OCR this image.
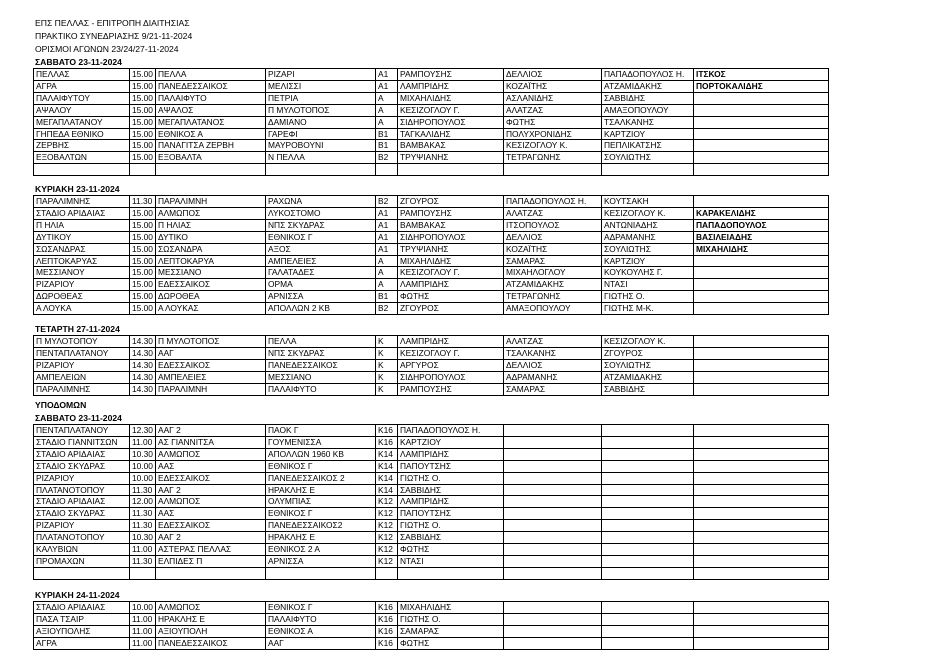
ΕΠΣ ΠΕΛΛΑΣ - ΕΠΙΤΡΟΠΗ ΔΙΑΙΤΗΣΙΑΣ
ΠΡΑΚΤΙΚΟ ΣΥΝΕΔΡΙΑΣΗΣ 9/21-11-2024
ΟΡΙΣΜΟΙ ΑΓΩΝΩΝ 23/24/27-11-2024
ΣΑΒΒΑΤΟ 23-11-2024
ΠΕΛΛΑΣ	15.00	ΠΕΛΛΑ	ΡΙΖΑΡΙ	Α1	ΡΑΜΠΟΥΣΗΣ	ΔΕΛΛΙΟΣ	ΠΑΠΑΔΟΠΟΥΛΟΣ Η.	ΙΤΣΚΟΣ
ΑΓΡΑ	15.00	ΠΑΝΕΔΕΣΣΑΙΚΟΣ	ΜΕΛΙΣΣΙ	Α1	ΛΑΜΠΡΙΔΗΣ	ΚΟΖΑΪΤΗΣ	ΑΤΖΑΜΙΔΑΚΗΣ	ΠΟΡΤΟΚΑΛΙΔΗΣ
ΠΑΛΑΙΦΥΤΟΥ	15.00	ΠΑΛΑΙΦΥΤΟ	ΠΕΤΡΙΑ	Α	ΜΙΧΑΗΛΙΔΗΣ	ΑΣΛΑΝΙΔΗΣ	ΣΑΒΒΙΔΗΣ	
ΑΨΑΛΟΥ	15.00	ΑΨΑΛΟΣ	Π ΜΥΛΟΤΟΠΟΣ	Α	ΚΕΣΙΖΟΓΛΟΥ Γ.	ΑΛΑΤΖΑΣ	ΑΜΑΞΟΠΟΥΛΟΥ	
ΜΕΓΑΠΛΑΤΑΝΟΥ	15.00	ΜΕΓΑΠΛΑΤΑΝΟΣ	ΔΑΜΙΑΝΟ	Α	ΣΙΔΗΡΟΠΟΥΛΟΣ	ΦΩΤΗΣ	ΤΣΑΛΚΑΝΗΣ	
ΓΗΠΕΔΑ ΕΘΝΙΚΟ	15.00	ΕΘΝΙΚΟΣ Α	ΓΑΡΕΦΙ	Β1	ΤΑΓΚΑΛΙΔΗΣ	ΠΟΛΥΧΡΟΝΙΔΗΣ	ΚΑΡΤΖΙΟΥ	
ΖΕΡΒΗΣ	15.00	ΠΑΝΑΓΙΤΣΑ ΖΕΡΒΗ	ΜΑΥΡΟΒΟΥΝΙ	Β1	ΒΑΜΒΑΚΑΣ	ΚΕΣΙΖΟΓΛΟΥ Κ.	ΠΕΠΛΙΚΑΤΣΗΣ	
ΕΞΟΒΑΛΤΩΝ	15.00	ΕΞΟΒΑΛΤΑ	Ν ΠΕΛΛΑ	Β2	ΤΡΥΨΙΑΝΗΣ	ΤΕΤΡΑΓΩΝΗΣ	ΣΟΥΛΙΩΤΗΣ	

ΚΥΡΙΑΚΗ 23-11-2024
ΠΑΡΑΛΙΜΝΗΣ	11.30	ΠΑΡΑΛΙΜΝΗ	ΡΑΧΩΝΑ	Β2	ΖΓΟΥΡΟΣ	ΠΑΠΑΔΟΠΟΥΛΟΣ Η.	ΚΟΥΤΣΑΚΗ	
ΣΤΑΔΙΟ ΑΡΙΔΑΙΑΣ	15.00	ΑΛΜΩΠΟΣ	ΛΥΚΟΣΤΟΜΟ	Α1	ΡΑΜΠΟΥΣΗΣ	ΑΛΑΤΖΑΣ	ΚΕΣΙΖΟΓΛΟΥ Κ.	ΚΑΡΑΚΕΛΙΔΗΣ
Π ΗΛΙΑ	15.00	Π ΗΛΙΑΣ	ΝΠΣ ΣΚΥΔΡΑΣ	Α1	ΒΑΜΒΑΚΑΣ	ΙΤΣΟΠΟΥΛΟΣ	ΑΝΤΩΝΙΑΔΗΣ	ΠΑΠΑΔΟΠΟΥΛΟΣ
ΔΥΤΙΚΟΥ	15.00	ΔΥΤΙΚΟ	ΕΘΝΙΚΟΣ Γ	Α1	ΣΙΔΗΡΟΠΟΥΛΟΣ	ΔΕΛΛΙΟΣ	ΑΔΡΑΜΑΝΗΣ	ΒΑΣΙΛΕΙΑΔΗΣ
ΣΩΣΑΝΔΡΑΣ	15.00	ΣΩΣΑΝΔΡΑ	ΑΞΟΣ	Α1	ΤΡΥΨΙΑΝΗΣ	ΚΟΖΑΪΤΗΣ	ΣΟΥΛΙΩΤΗΣ	ΜΙΧΑΗΛΙΔΗΣ
ΛΕΠΤΟΚΑΡΥΑΣ	15.00	ΛΕΠΤΟΚΑΡΥΑ	ΑΜΠΕΛΕΙΕΣ	Α	ΜΙΧΑΗΛΙΔΗΣ	ΣΑΜΑΡΑΣ	ΚΑΡΤΖΙΟΥ	
ΜΕΣΣΙΑΝΟΥ	15.00	ΜΕΣΣΙΑΝΟ	ΓΑΛΑΤΑΔΕΣ	Α	ΚΕΣΙΖΟΓΛΟΥ Γ.	ΜΙΧΑΗΛΟΓΛΟΥ	ΚΟΥΚΟΥΛΗΣ Γ.	
ΡΙΖΑΡΙΟΥ	15.00	ΕΔΕΣΣΑΙΚΟΣ	ΟΡΜΑ	Α	ΛΑΜΠΡΙΔΗΣ	ΑΤΖΑΜΙΔΑΚΗΣ	ΝΤΑΣΙ	
ΔΩΡΟΘΕΑΣ	15.00	ΔΩΡΟΘΕΑ	ΑΡΝΙΣΣΑ	Β1	ΦΩΤΗΣ	ΤΕΤΡΑΓΩΝΗΣ	ΓΙΩΤΗΣ Ο.	
Α ΛΟΥΚΑ	15.00	Α ΛΟΥΚΑΣ	ΑΠΟΛΛΩΝ 2 ΚΒ	Β2	ΖΓΟΥΡΟΣ	ΑΜΑΞΟΠΟΥΛΟΥ	ΓΙΩΤΗΣ Μ-Κ.	
ΤΕΤΑΡΤΗ 27-11-2024
Π ΜΥΛΟΤΟΠΟΥ	14.30	Π ΜΥΛΟΤΟΠΟΣ	ΠΕΛΛΑ	Κ	ΛΑΜΠΡΙΔΗΣ	ΑΛΑΤΖΑΣ	ΚΕΣΙΖΟΓΛΟΥ Κ.	
ΠΕΝΤΑΠΛΑΤΑΝΟΥ	14.30	ΑΑΓ	ΝΠΣ ΣΚΥΔΡΑΣ	Κ	ΚΕΣΙΖΟΓΛΟΥ Γ.	ΤΣΑΛΚΑΝΗΣ	ΖΓΟΥΡΟΣ	
ΡΙΖΑΡΙΟΥ	14.30	ΕΔΕΣΣΑΙΚΟΣ	ΠΑΝΕΔΕΣΣΑΙΚΟΣ	Κ	ΑΡΓΥΡΟΣ	ΔΕΛΛΙΟΣ	ΣΟΥΛΙΩΤΗΣ	
ΑΜΠΕΛΕΙΩΝ	14.30	ΑΜΠΕΛΕΙΕΣ	ΜΕΣΣΙΑΝΟ	Κ	ΣΙΔΗΡΟΠΟΥΛΟΣ	ΑΔΡΑΜΑΝΗΣ	ΑΤΖΑΜΙΔΑΚΗΣ	
ΠΑΡΑΛΙΜΝΗΣ	14.30	ΠΑΡΑΛΙΜΝΗ	ΠΑΛΑΙΦΥΤΟ	Κ	ΡΑΜΠΟΥΣΗΣ	ΣΑΜΑΡΑΣ	ΣΑΒΒΙΔΗΣ	
ΥΠΟΔΟΜΩΝ
ΣΑΒΒΑΤΟ 23-11-2024
ΠΕΝΤΑΠΛΑΤΑΝΟΥ	12.30	ΑΑΓ 2	ΠΑΟΚ Γ	Κ16	ΠΑΠΑΔΟΠΟΥΛΟΣ Η.			
ΣΤΑΔΙΟ ΓΙΑΝΝΙΤΣΩΝ	11.00	ΑΣ ΓΙΑΝΝΙΤΣΑ	ΓΟΥΜΕΝΙΣΣΑ	Κ16	ΚΑΡΤΖΙΟΥ			
ΣΤΑΔΙΟ ΑΡΙΔΑΙΑΣ	10.30	ΑΛΜΩΠΟΣ	ΑΠΟΛΛΩΝ 1960 ΚΒ	Κ14	ΛΑΜΠΡΙΔΗΣ			
ΣΤΑΔΙΟ ΣΚΥΔΡΑΣ	10.00	ΑΑΣ	ΕΘΝΙΚΟΣ Γ	Κ14	ΠΑΠΟΥΤΣΗΣ			
ΡΙΖΑΡΙΟΥ	10.00	ΕΔΕΣΣΑΙΚΟΣ	ΠΑΝΕΔΕΣΣΑΙΚΟΣ 2	Κ14	ΓΙΩΤΗΣ Ο.			
ΠΛΑΤΑΝΟΤΟΠΟΥ	11.30	ΑΑΓ 2	ΗΡΑΚΛΗΣ Ε	Κ14	ΣΑΒΒΙΔΗΣ			
ΣΤΑΔΙΟ ΑΡΙΔΑΙΑΣ	12.00	ΑΛΜΩΠΟΣ	ΟΛΥΜΠΙΑΣ	Κ12	ΛΑΜΠΡΙΔΗΣ			
ΣΤΑΔΙΟ ΣΚΥΔΡΑΣ	11.30	ΑΑΣ	ΕΘΝΙΚΟΣ Γ	Κ12	ΠΑΠΟΥΤΣΗΣ			
ΡΙΖΑΡΙΟΥ	11.30	ΕΔΕΣΣΑΙΚΟΣ	ΠΑΝΕΔΕΣΣΑΙΚΟΣ2	Κ12	ΓΙΩΤΗΣ Ο.			
ΠΛΑΤΑΝΟΤΟΠΟΥ	10.30	ΑΑΓ 2	ΗΡΑΚΛΗΣ Ε	Κ12	ΣΑΒΒΙΔΗΣ			
ΚΑΛΥΒΙΩΝ	11.00	ΑΣΤΕΡΑΣ ΠΕΛΛΑΣ	ΕΘΝΙΚΟΣ 2 Α	Κ12	ΦΩΤΗΣ			
ΠΡΟΜΑΧΩΝ	11.30	ΕΛΠΙΔΕΣ Π	ΑΡΝΙΣΣΑ	Κ12	ΝΤΑΣΙ			

ΚΥΡΙΑΚΗ 24-11-2024
ΣΤΑΔΙΟ ΑΡΙΔΑΙΑΣ	10.00	ΑΛΜΩΠΟΣ	ΕΘΝΙΚΟΣ Γ	Κ16	ΜΙΧΑΗΛΙΔΗΣ			
ΠΑΣΑ ΤΣΑΙΡ	11.00	ΗΡΑΚΛΗΣ Ε	ΠΑΛΑΙΦΥΤΟ	Κ16	ΓΙΩΤΗΣ Ο.			
ΑΞΙΟΥΠΟΛΗΣ	11.00	ΑΞΙΟΥΠΟΛΗ	ΕΘΝΙΚΟΣ Α	Κ16	ΣΑΜΑΡΑΣ			
ΑΓΡΑ	11.00	ΠΑΝΕΔΕΣΣΑΙΚΟΣ	ΑΑΓ	Κ16	ΦΩΤΗΣ			
